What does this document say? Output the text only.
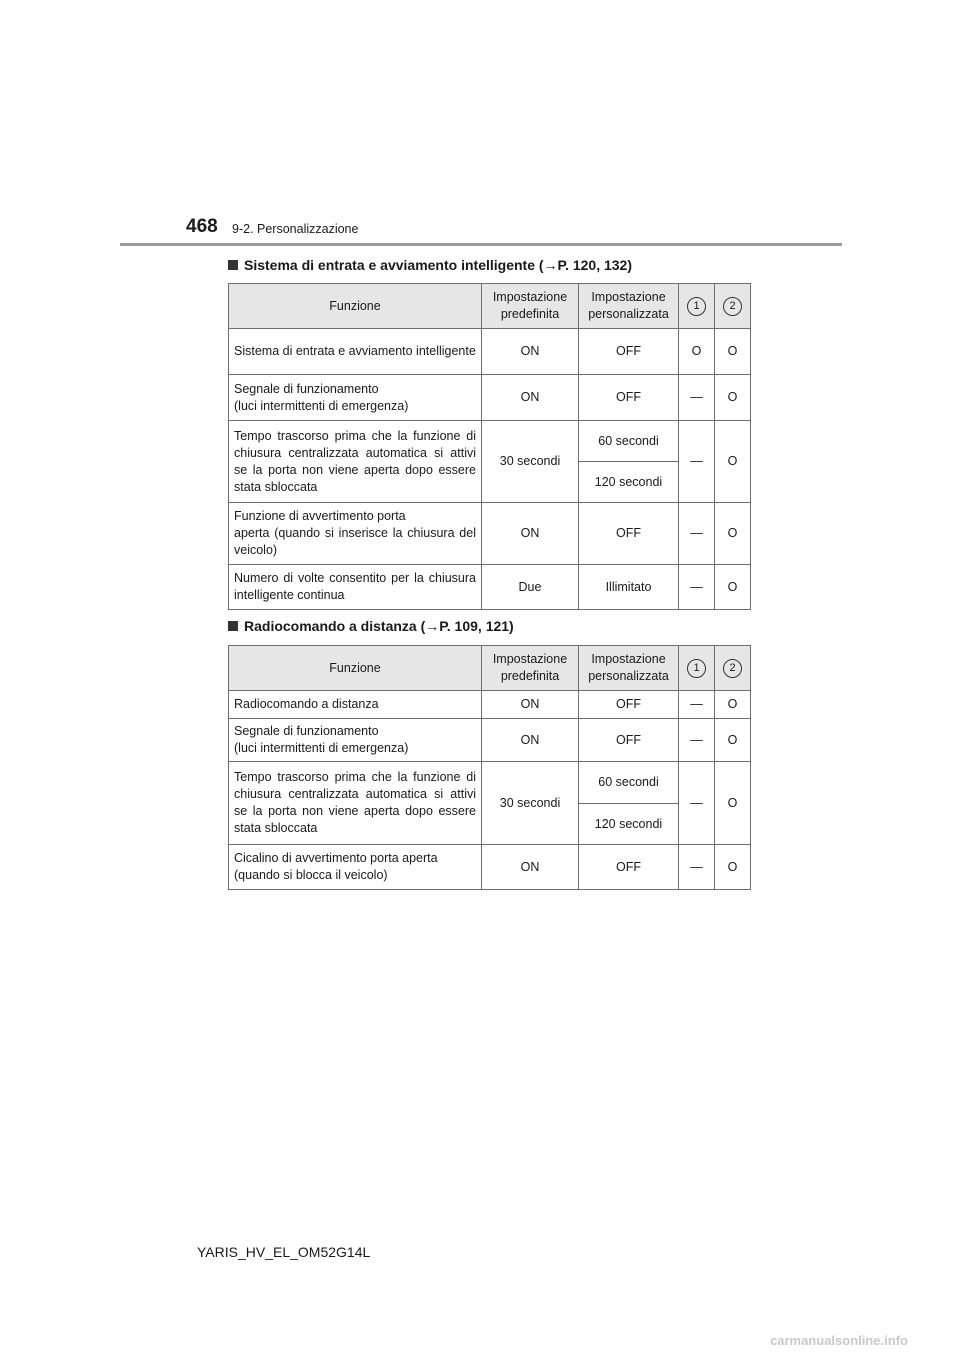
468 9-2. Personalizzazione
Sistema di entrata e avviamento intelligente (→P. 120, 132)
Funzione	Impostazione predefinita	Impostazione personalizzata	1	2
Sistema di entrata e avviamento intelligente	ON	OFF	O	O
Segnale di funzionamento
(luci intermittenti di emergenza)	ON	OFF	—	O
Tempo trascorso prima che la funzione di chiusura centralizzata automatica si attivi se la porta non viene aperta dopo essere stata sbloccata	30 secondi	60 secondi	—	O
		120 secondi		
Funzione di avvertimento porta
aperta (quando si inserisce la chiusura del veicolo)	ON	OFF	—	O
Numero di volte consentito per la chiusura intelligente continua	Due	Illimitato	—	O
Radiocomando a distanza (→P. 109, 121)
Funzione	Impostazione predefinita	Impostazione personalizzata	1	2
Radiocomando a distanza	ON	OFF	—	O
Segnale di funzionamento
(luci intermittenti di emergenza)	ON	OFF	—	O
Tempo trascorso prima che la funzione di chiusura centralizzata automatica si attivi se la porta non viene aperta dopo essere stata sbloccata	30 secondi	60 secondi	—	O
		120 secondi		
Cicalino di avvertimento porta aperta
(quando si blocca il veicolo)	ON	OFF	—	O
YARIS_HV_EL_OM52G14L
carmanualsonline.info
